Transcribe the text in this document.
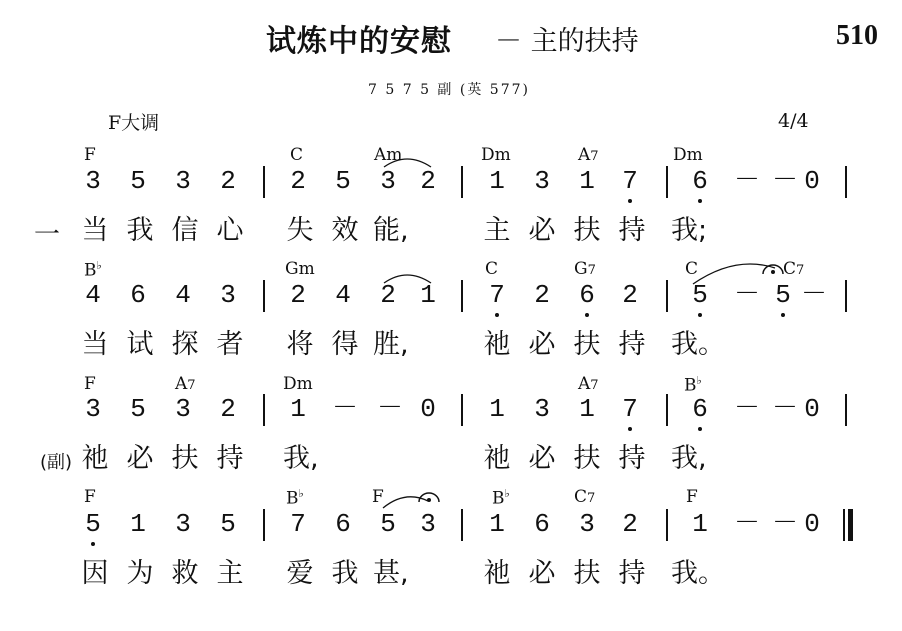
试炼中的安慰 － 主的扶持	510
7 5 7 5 副 (英 577)
F大调	4/4
一
(副)
F	C	Am	Dm	A7	Dm
3 5 3 2 2 5 3 2 1 3 1 7 6 － － 0
当 我 信 心 失 效 能,	主 必 扶 持 我;
B♭	Gm	C	G7	C	C7
4 6 4 3 2 4 2 1 7 2 6 2 5 － 5 －
当 试 探 者 将 得 胜,	祂 必 扶 持 我。
F	A7	Dm	A7	B♭
3 5 3 2 1 － － 0 1 3 1 7 6 － － 0
祂 必 扶 持 我,	祂 必 扶 持 我,
F	B♭	F	B♭	C7	F
5 1 3 5 7 6 5 3 1 6 3 2 1 － － 0
因 为 救 主 爱 我 甚,	祂 必 扶 持 我。
